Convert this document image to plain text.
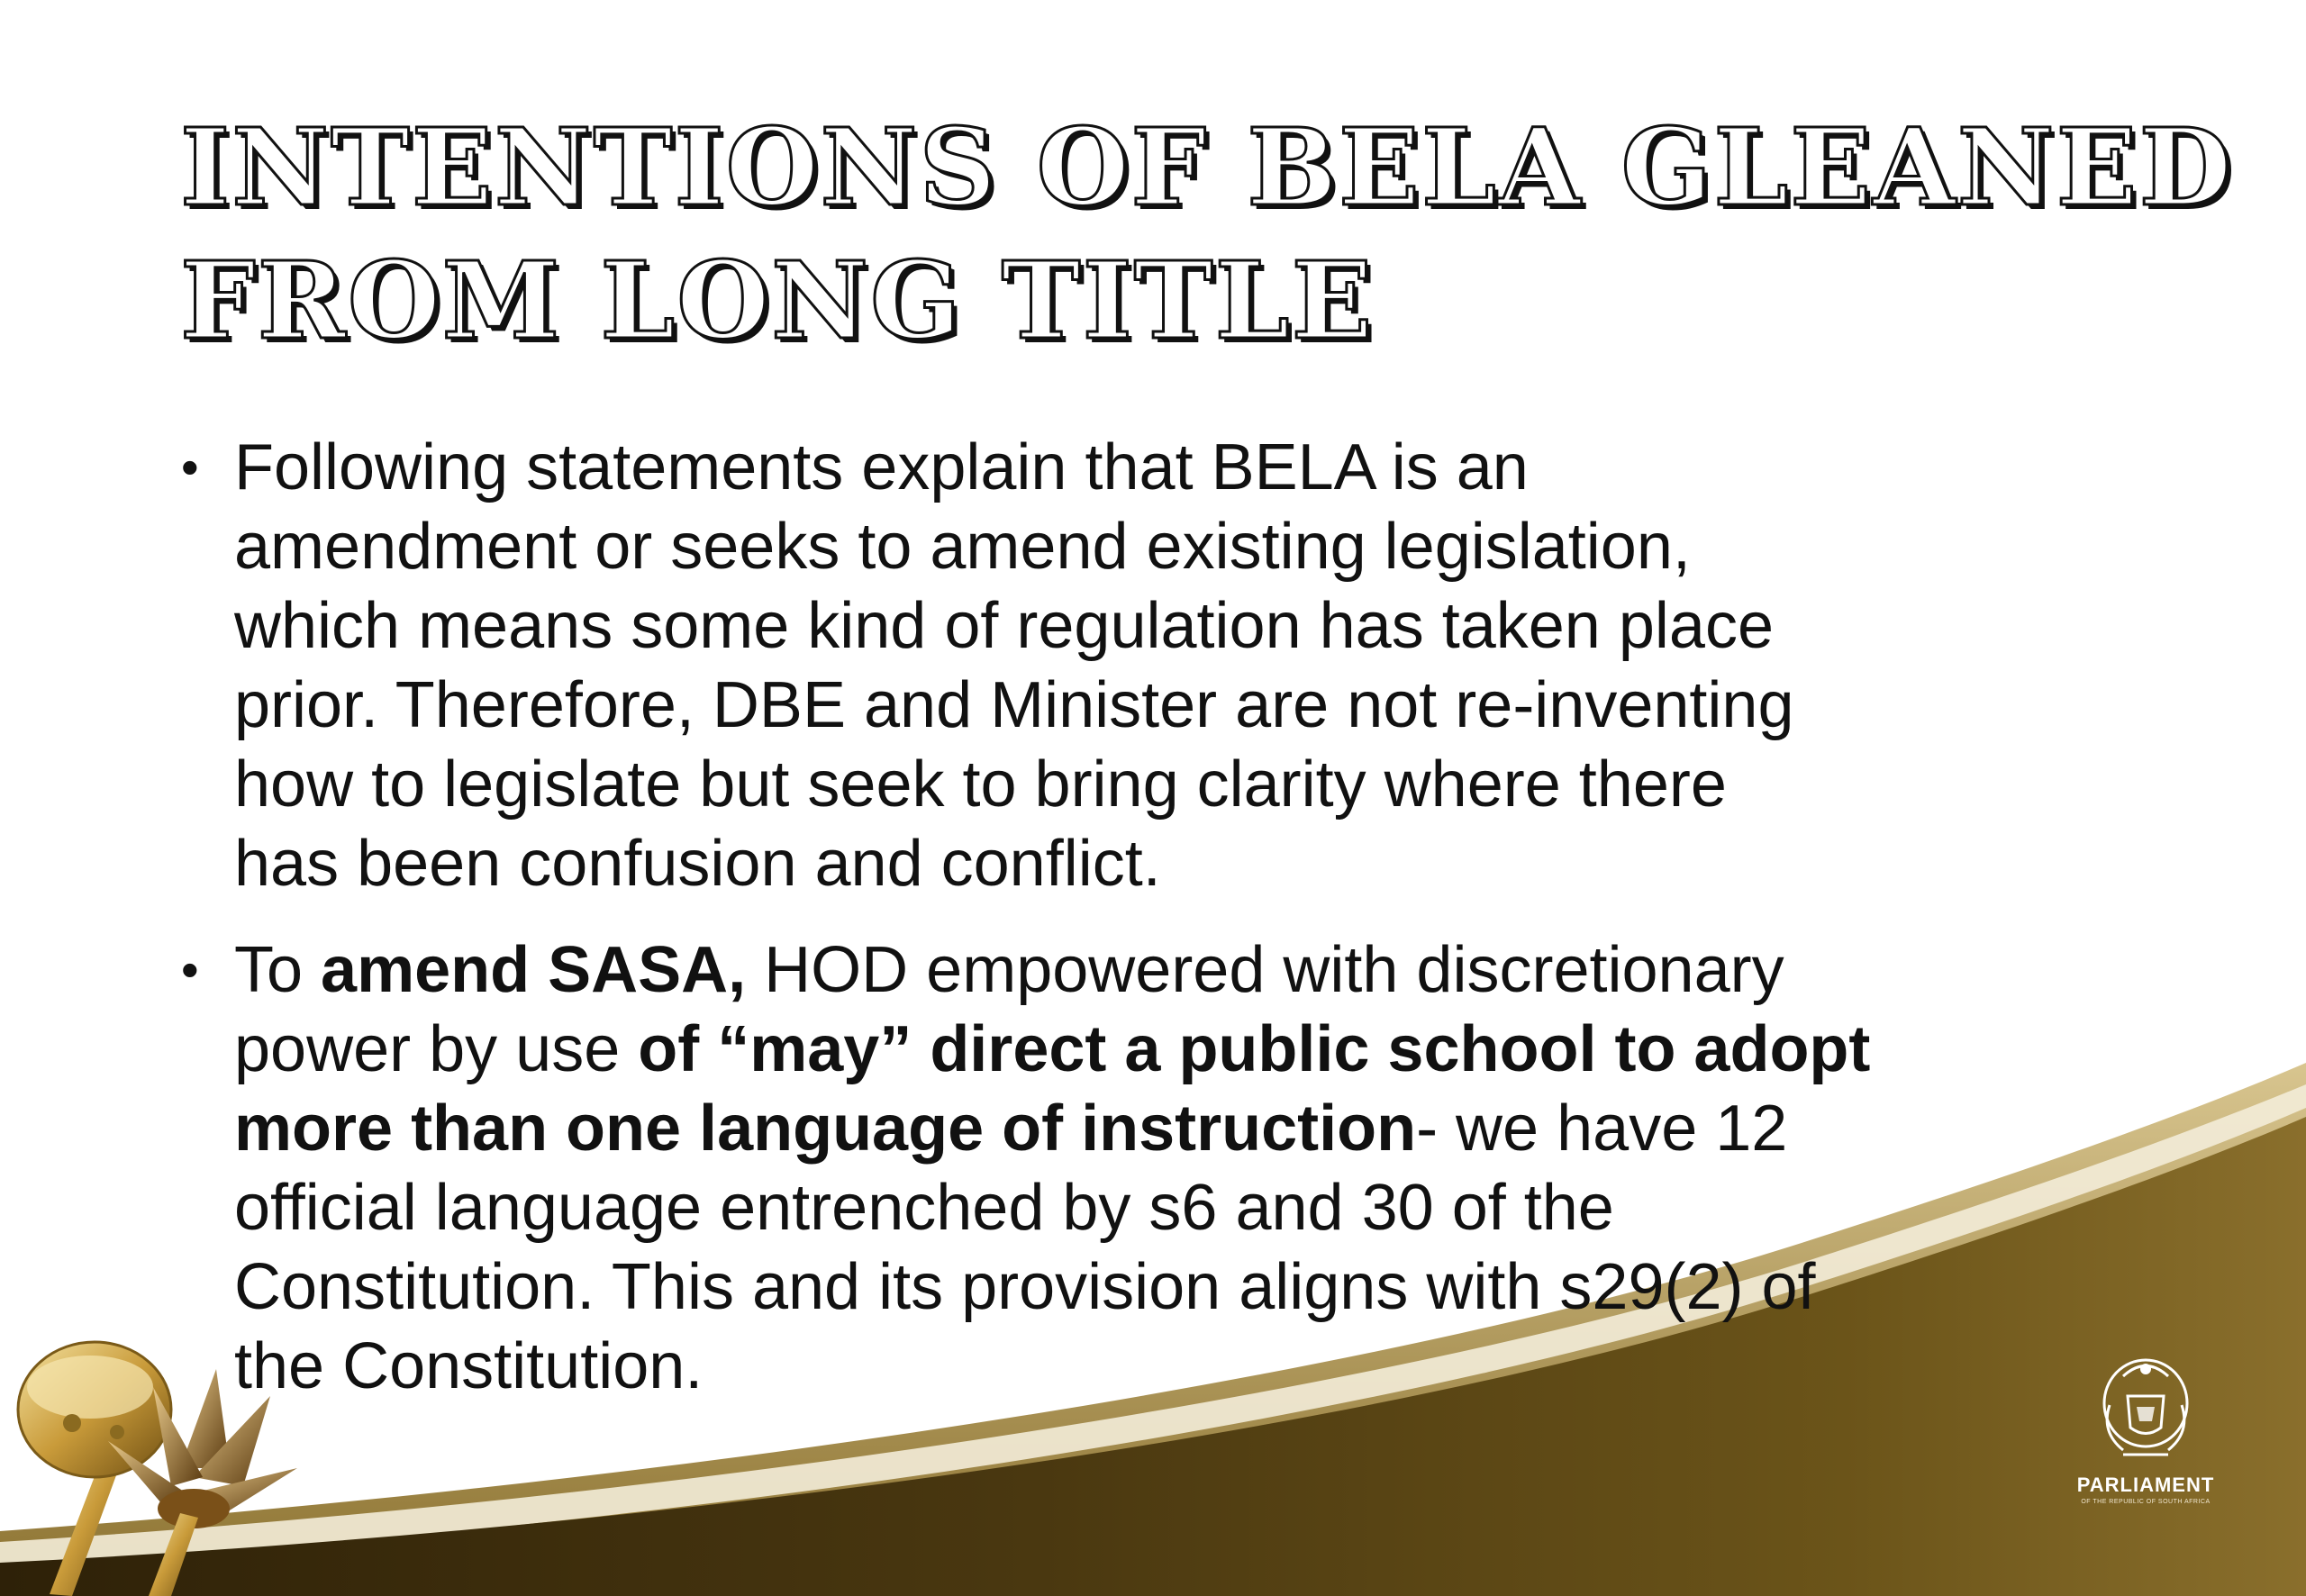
INTENTIONS OF BELA GLEANED
FROM LONG TITLE
• Following statements explain that BELA is an
amendment or seeks to amend existing legislation,
which means some kind of regulation has taken place
prior. Therefore, DBE and Minister are not re-inventing
how to legislate but seek to bring clarity where there
has been confusion and conflict.
• To amend SASA, HOD empowered with discretionary
power by use of “may” direct a public school to adopt
more than one language of instruction- we have 12
official language entrenched by s6 and 30 of the
Constitution. This and its provision aligns with s29(2) of
the Constitution.
PARLIAMENT
OF THE REPUBLIC OF SOUTH AFRICA
